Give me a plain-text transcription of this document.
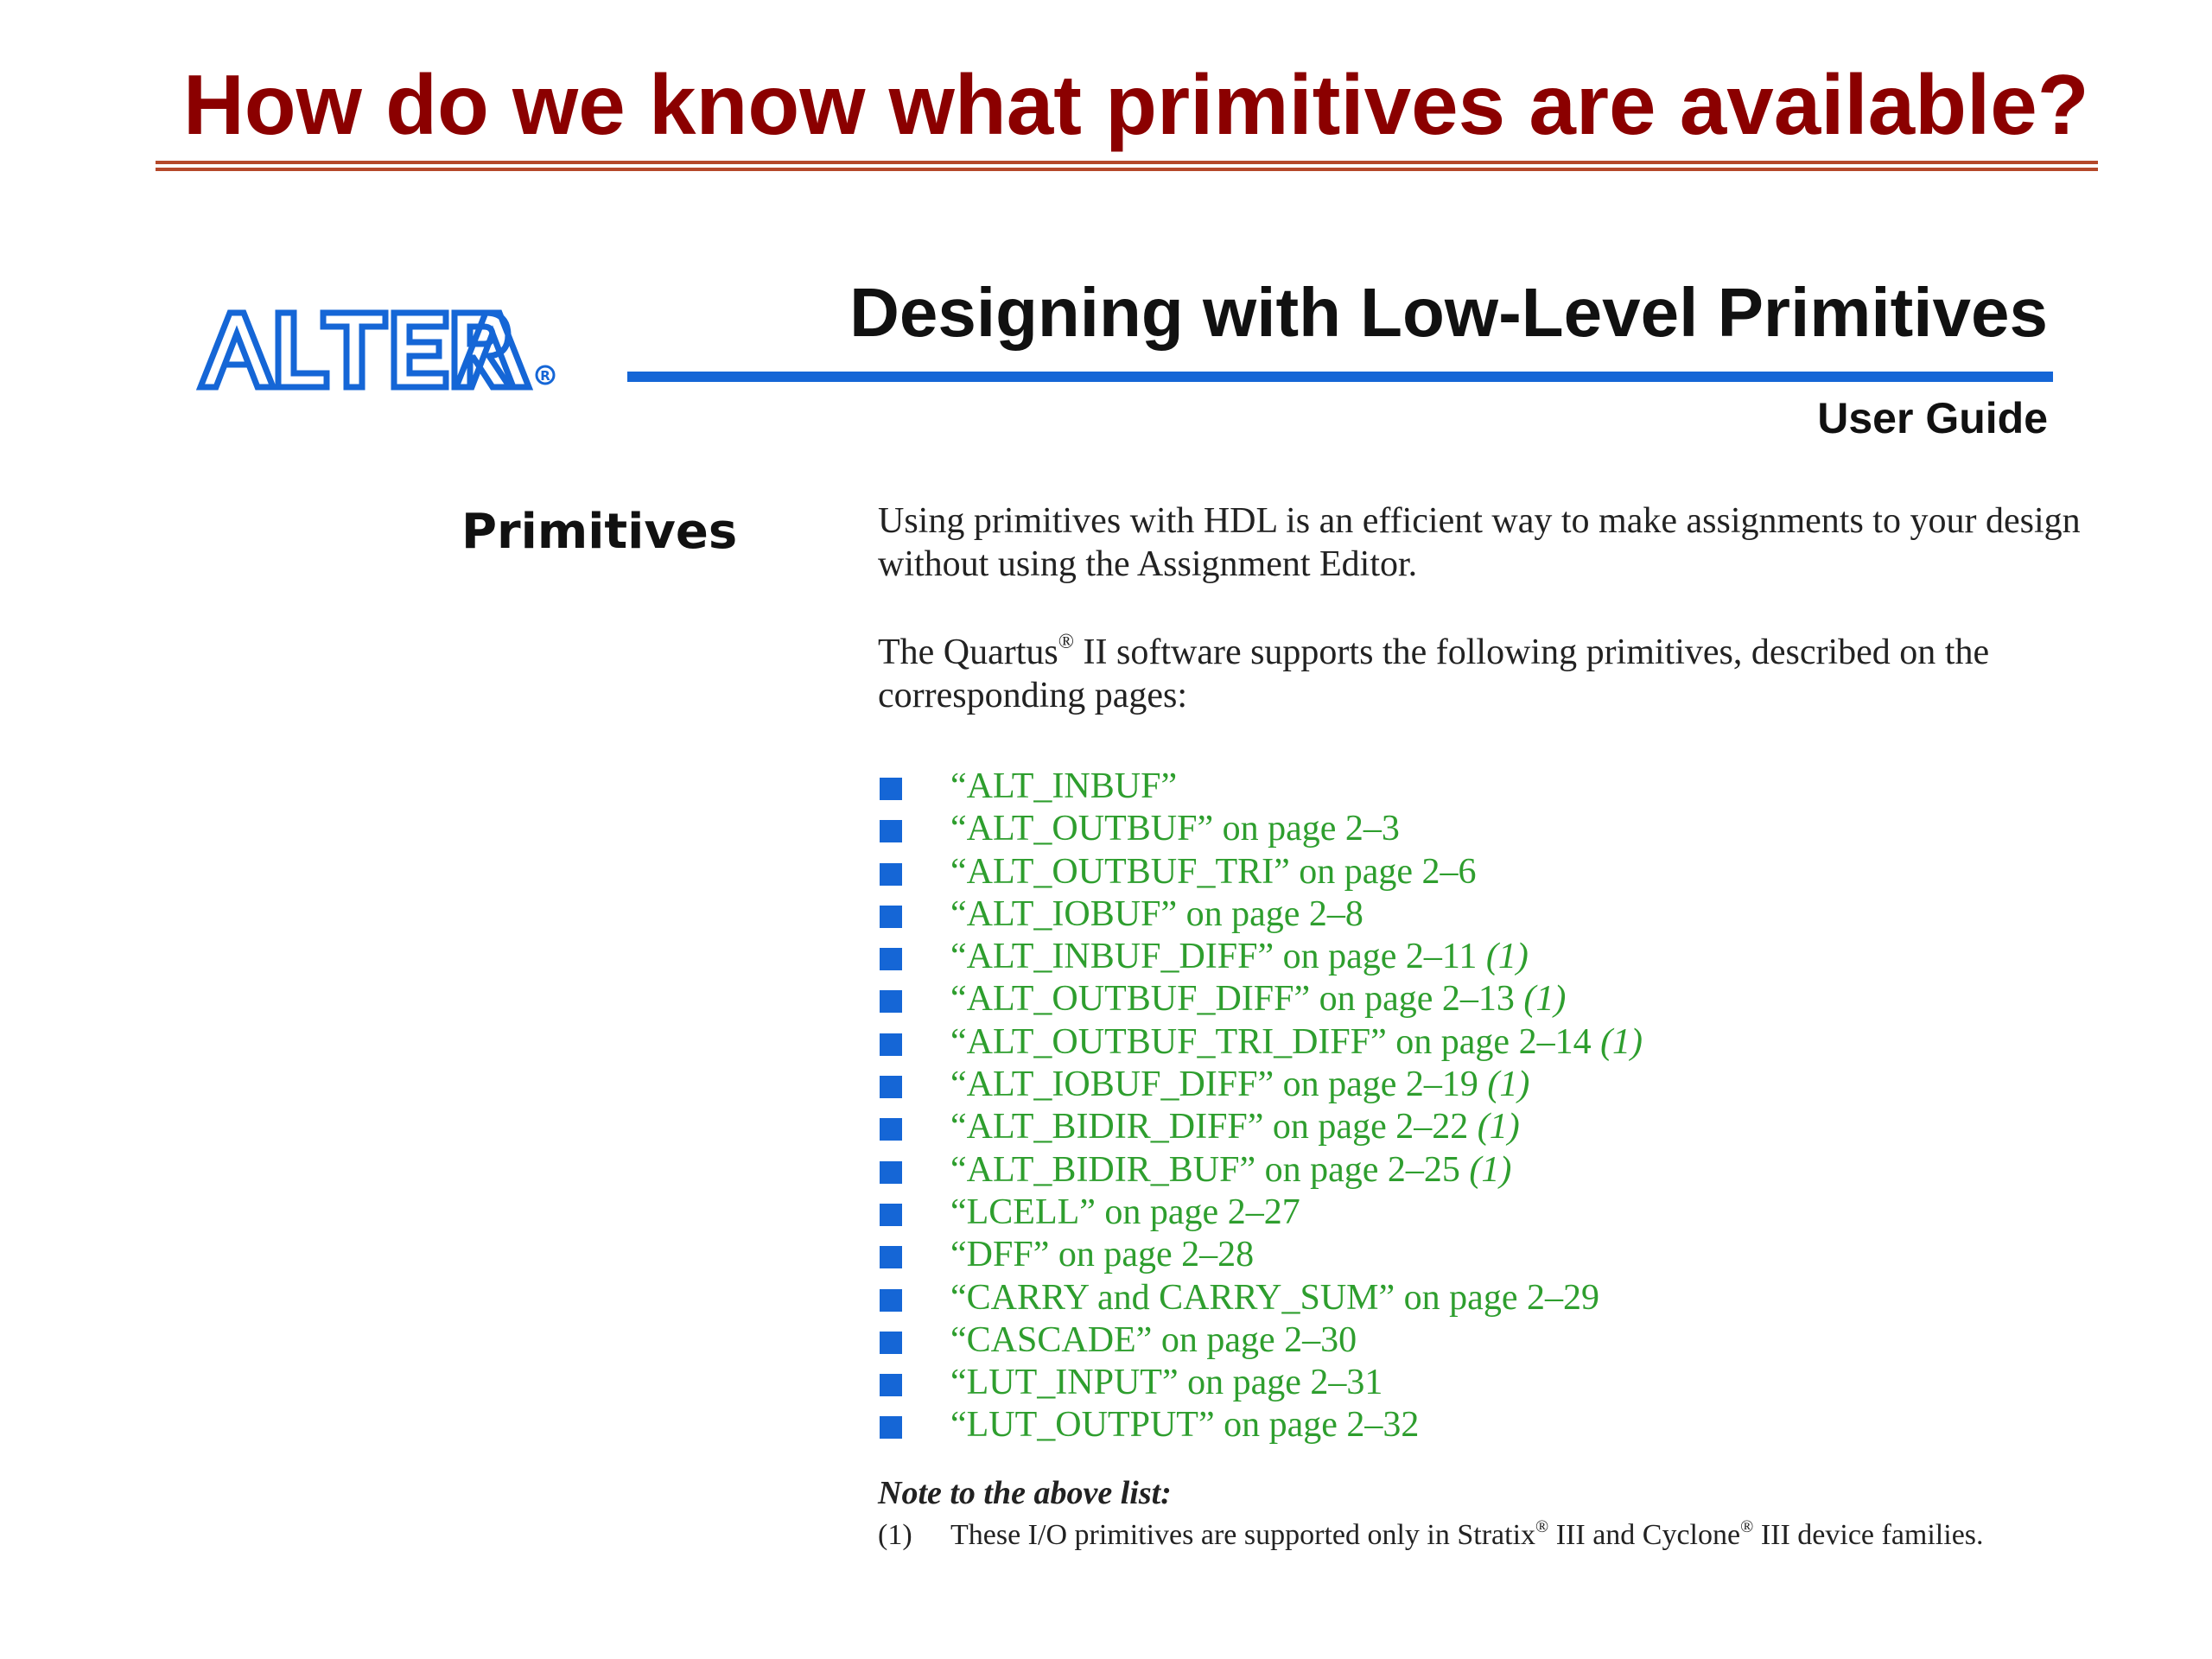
How do we know what primitives are available?
R
Designing with Low-Level Primitives
User Guide
Primitives	Using primitives with HDL is an efficient way to make assignments to your design without using the Assignment Editor.

The Quartus® II software supports the following primitives, described on the corresponding pages:

“ALT_INBUF”
“ALT_OUTBUF” on page 2–3
“ALT_OUTBUF_TRI” on page 2–6
“ALT_IOBUF” on page 2–8
“ALT_INBUF_DIFF” on page 2–11 (1)
“ALT_OUTBUF_DIFF” on page 2–13 (1)
“ALT_OUTBUF_TRI_DIFF” on page 2–14 (1)
“ALT_IOBUF_DIFF” on page 2–19 (1)
“ALT_BIDIR_DIFF” on page 2–22 (1)
“ALT_BIDIR_BUF” on page 2–25 (1)
“LCELL” on page 2–27
“DFF” on page 2–28
“CARRY and CARRY_SUM” on page 2–29
“CASCADE” on page 2–30
“LUT_INPUT” on page 2–31
“LUT_OUTPUT” on page 2–32

Note to the above list:

(1) These I/O primitives are supported only in Stratix® III and Cyclone® III device families.
